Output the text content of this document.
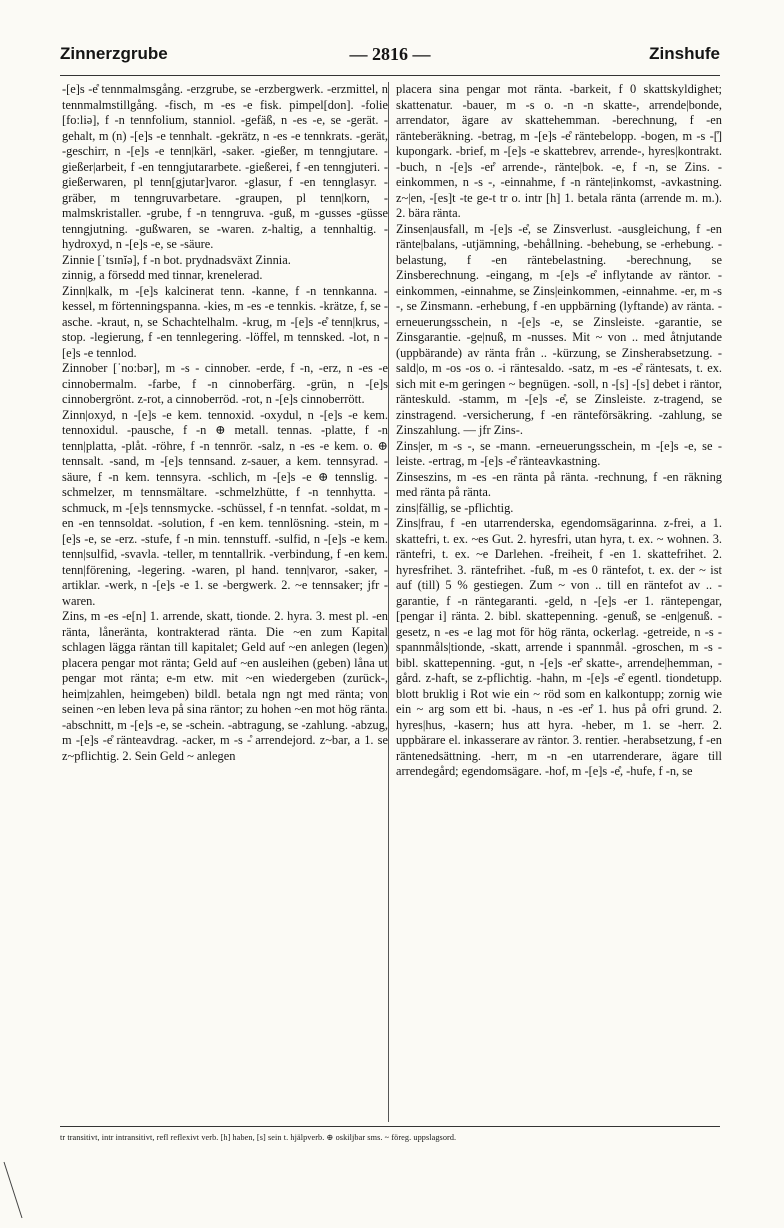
Zinnerzgrube	— 2816 —	Zinshufe

-[e]s -e̊ tennmalmsgång. -erzgrube, se -erzbergwerk. -erzmittel, n tennmalmstillgång. -fisch, m -es -e fisk. pimpel[don]. -folie [fo:liə], f -n tennfolium, stanniol. -gefäß, n -es -e, se -gerät. -gehalt, m (n) -[e]s -e tennhalt. -gekrätz, n -es -e tennkrats. -gerät, -geschirr, n -[e]s -e tenn|kärl, -saker. -gießer, m tenngjutare. -gießer|arbeit, f -en tenngjutararbete. -gießerei, f -en tenngjuteri. -gießerwaren, pl tenn[gjutar]varor. -glasur, f -en tennglasyr. -gräber, m tenngruvarbetare. -graupen, pl tenn|korn, -malmskristaller. -grube, f -n tenngruva. -guß, m -gusses -güsse tenngjutning. -gußwaren, se -waren. z-haltig, a tennhaltig. -hydroxyd, n -[e]s -e, se -säure.

Zinnie [ˈtsɪnĭə], f -n bot. prydnadsväxt Zinnia.

zinnig, a försedd med tinnar, krenelerad.

Zinn|kalk, m -[e]s kalcinerat tenn. -kanne, f -n tennkanna. -kessel, m förtenningspanna. -kies, m -es -e tennkis. -krätze, f, se -asche. -kraut, n, se Schachtelhalm. -krug, m -[e]s -e̊ tenn|krus, -stop. -legierung, f -en tennlegering. -löffel, m tennsked. -lot, n -[e]s -e tennlod.

Zinnober [ˈno:bər], m -s - cinnober. -erde, f -n, -erz, n -es -e cinnobermalm. -farbe, f -n cinnoberfärg. -grün, n -[e]s cinnobergrönt. z-rot, a cinnoberröd. -rot, n -[e]s cinnoberrött.

Zinn|oxyd, n -[e]s -e kem. tennoxid. -oxydul, n -[e]s -e kem. tennoxidul. -pausche, f -n ⊕ metall. tennas. -platte, f -n tenn|platta, -plåt. -röhre, f -n tennrör. -salz, n -es -e kem. o. ⊕ tennsalt. -sand, m -[e]s tennsand. z-sauer, a kem. tennsyrad. -säure, f -n kem. tennsyra. -schlich, m -[e]s -e ⊕ tennslig. -schmelzer, m tennsmältare. -schmelzhütte, f -n tennhytta. -schmuck, m -[e]s tennsmycke. -schüssel, f -n tennfat. -soldat, m -en -en tennsoldat. -solution, f -en kem. tennlösning. -stein, m -[e]s -e, se -erz. -stufe, f -n min. tennstuff. -sulfid, n -[e]s -e kem. tenn|sulfid, -svavla. -teller, m tenntallrik. -verbindung, f -en kem. tenn|förening, -legering. -waren, pl hand. tenn|varor, -saker, -artiklar. -werk, n -[e]s -e 1. se -bergwerk. 2. ~e tennsaker; jfr -waren.

Zins, m -es -e[n] 1. arrende, skatt, tionde. 2. hyra. 3. mest pl. -en ränta, låneränta, kontrakterad ränta. Die ~en zum Kapital schlagen lägga räntan till kapitalet; Geld auf ~en anlegen (legen) placera pengar mot ränta; Geld auf ~en ausleihen (geben) låna ut pengar mot ränta; e-m etw. mit ~en wiedergeben (zurück-, heim|zahlen, heimgeben) bildl. betala ngn ngt med ränta; von seinen ~en leben leva på sina räntor; zu hohen ~en mot hög ränta. -abschnitt, m -[e]s -e, se -schein. -abtragung, se -zahlung. -abzug, m -[e]s -e̊ ränteavdrag. -acker, m -s -̊ arrendejord. z~bar, a 1. se z~pflichtig. 2. Sein Geld ~ anlegen

placera sina pengar mot ränta. -barkeit, f 0 skattskyldighet; skattenatur. -bauer, m -s o. -n -n skatte-, arrende|bonde, arrendator, ägare av skattehemman. -berechnung, f -en ränteberäkning. -betrag, m -[e]s -e̊ räntebelopp. -bogen, m -s -[̊] kupongark. -brief, m -[e]s -e skattebrev, arrende-, hyres|kontrakt. -buch, n -[e]s -er̊ arrende-, ränte|bok. -e, f -n, se Zins. -einkommen, n -s -, -einnahme, f -n ränte|inkomst, -avkastning. z~|en, -[es]t -te ge-t tr o. intr [h] 1. betala ränta (arrende m. m.). 2. bära ränta.

Zinsen|ausfall, m -[e]s -e̊, se Zinsverlust. -ausgleichung, f -en ränte|balans, -utjämning, -behållning. -behebung, se -erhebung. -belastung, f -en räntebelastning. -berechnung, se Zinsberechnung. -eingang, m -[e]s -e̊ inflytande av räntor. -einkommen, -einnahme, se Zins|einkommen, -einnahme. -er, m -s -, se Zinsmann. -erhebung, f -en uppbärning (lyftande) av ränta. -erneuerungsschein, n -[e]s -e, se Zinsleiste. -garantie, se Zinsgarantie. -ge|nuß, m -nusses. Mit ~ von .. med åtnjutande (uppbärande) av ränta från .. -kürzung, se Zinsherabsetzung. -sald|o, m -os -os o. -i räntesaldo. -satz, m -es -e̊ räntesats, t. ex. sich mit e-m geringen ~ begnügen. -soll, n -[s] -[s] debet i räntor, ränteskuld. -stamm, m -[e]s -e̊, se Zinsleiste. z-tragend, se zinstragend. -versicherung, f -en ränteförsäkring. -zahlung, se Zinszahlung. — jfr Zins-.

Zins|er, m -s -, se -mann. -erneuerungsschein, m -[e]s -e, se -leiste. -ertrag, m -[e]s -e̊ ränteavkastning.

Zinseszins, m -es -en ränta på ränta. -rechnung, f -en räkning med ränta på ränta.

zins|fällig, se -pflichtig.

Zins|frau, f -en utarrenderska, egendomsägarinna. z-frei, a 1. skattefri, t. ex. ~es Gut. 2. hyresfri, utan hyra, t. ex. ~ wohnen. 3. räntefri, t. ex. ~e Darlehen. -freiheit, f -en 1. skattefrihet. 2. hyresfrihet. 3. räntefrihet. -fuß, m -es 0 räntefot, t. ex. der ~ ist auf (till) 5 % gestiegen. Zum ~ von .. till en räntefot av .. -garantie, f -n räntegaranti. -geld, n -[e]s -er 1. räntepengar, [pengar i] ränta. 2. bibl. skattepenning. -genuß, se -en|genuß. -gesetz, n -es -e lag mot för hög ränta, ockerlag. -getreide, n -s - spannmåls|tionde, -skatt, arrende i spannmål. -groschen, m -s - bibl. skattepenning. -gut, n -[e]s -er̊ skatte-, arrende|hemman, -gård. z-haft, se z-pflichtig. -hahn, m -[e]s -e̊ egentl. tiondetupp. blott bruklig i Rot wie ein ~ röd som en kalkontupp; zornig wie ein ~ arg som ett bi. -haus, n -es -er̊ 1. hus på ofri grund. 2. hyres|hus, -kasern; hus att hyra. -heber, m 1. se -herr. 2. uppbärare el. inkasserare av räntor. 3. rentier. -herabsetzung, f -en räntenedsättning. -herr, m -n -en utarrenderare, ägare till arrendegård; egendomsägare. -hof, m -[e]s -e̊, -hufe, f -n, se

tr transitivt, intr intransitivt, refl reflexivt verb. [h] haben, [s] sein t. hjälpverb. ⊕ oskiljbar sms. ~ föreg. uppslagsord.
